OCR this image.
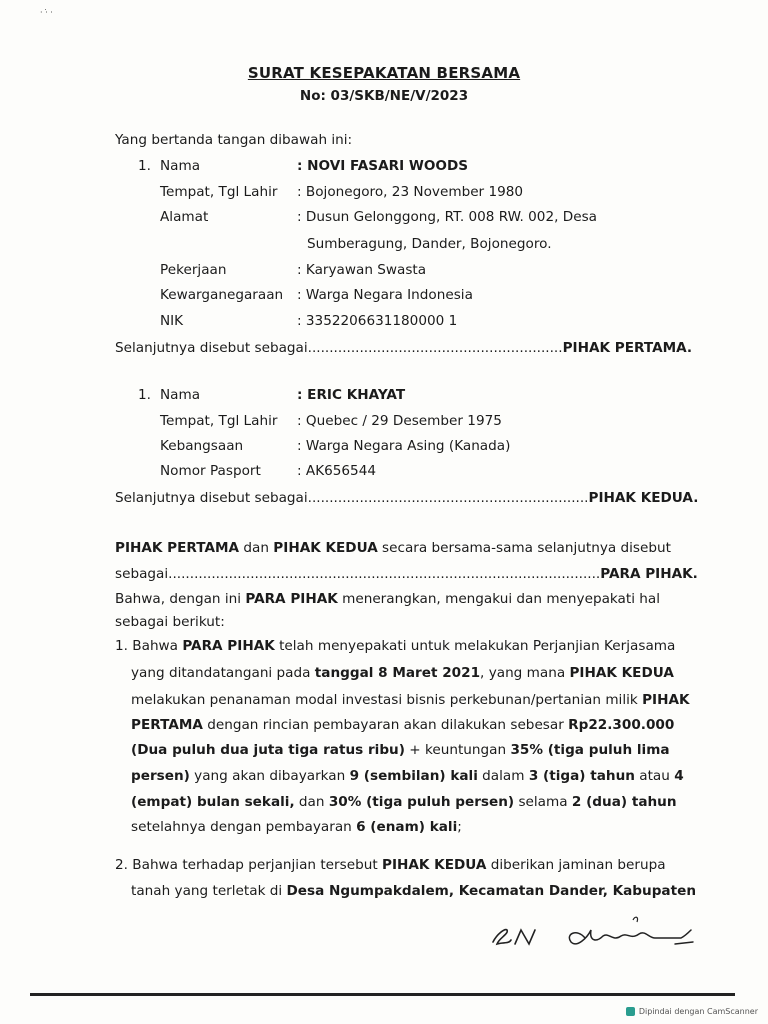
· ·̇ ·
SURAT KESEPAKATAN BERSAMA
No: 03/SKB/NE/V/2023
Yang bertanda tangan dibawah ini:
1. Nama	: NOVI FASARI WOODS
Tempat, Tgl Lahir : Bojonegoro, 23 November 1980
Alamat	: Dusun Gelonggong, RT. 008 RW. 002, Desa
Sumberagung, Dander, Bojonegoro.
Pekerjaan	: Karyawan Swasta
Kewarganegaraan : Warga Negara Indonesia
NIK	: 3352206631180000 1
Selanjutnya disebut sebagai...........................................................PIHAK PERTAMA.
1. Nama	: ERIC KHAYAT
Tempat, Tgl Lahir : Quebec / 29 Desember 1975
Kebangsaan	: Warga Negara Asing (Kanada)
Nomor Pasport	: AK656544
Selanjutnya disebut sebagai.................................................................PIHAK KEDUA.
PIHAK PERTAMA dan PIHAK KEDUA secara bersama-sama selanjutnya disebut
sebagai....................................................................................................PARA PIHAK.
Bahwa, dengan ini PARA PIHAK menerangkan, mengakui dan menyepakati hal
sebagai berikut:
1. Bahwa PARA PIHAK telah menyepakati untuk melakukan Perjanjian Kerjasama
yang ditandatangani pada tanggal 8 Maret 2021, yang mana PIHAK KEDUA
melakukan penanaman modal investasi bisnis perkebunan/pertanian milik PIHAK
PERTAMA dengan rincian pembayaran akan dilakukan sebesar Rp22.300.000
(Dua puluh dua juta tiga ratus ribu) + keuntungan 35% (tiga puluh lima
persen) yang akan dibayarkan 9 (sembilan) kali dalam 3 (tiga) tahun atau 4
(empat) bulan sekali, dan 30% (tiga puluh persen) selama 2 (dua) tahun
setelahnya dengan pembayaran 6 (enam) kali;
2. Bahwa terhadap perjanjian tersebut PIHAK KEDUA diberikan jaminan berupa
tanah yang terletak di Desa Ngumpakdalem, Kecamatan Dander, Kabupaten
Dipindai dengan CamScanner
